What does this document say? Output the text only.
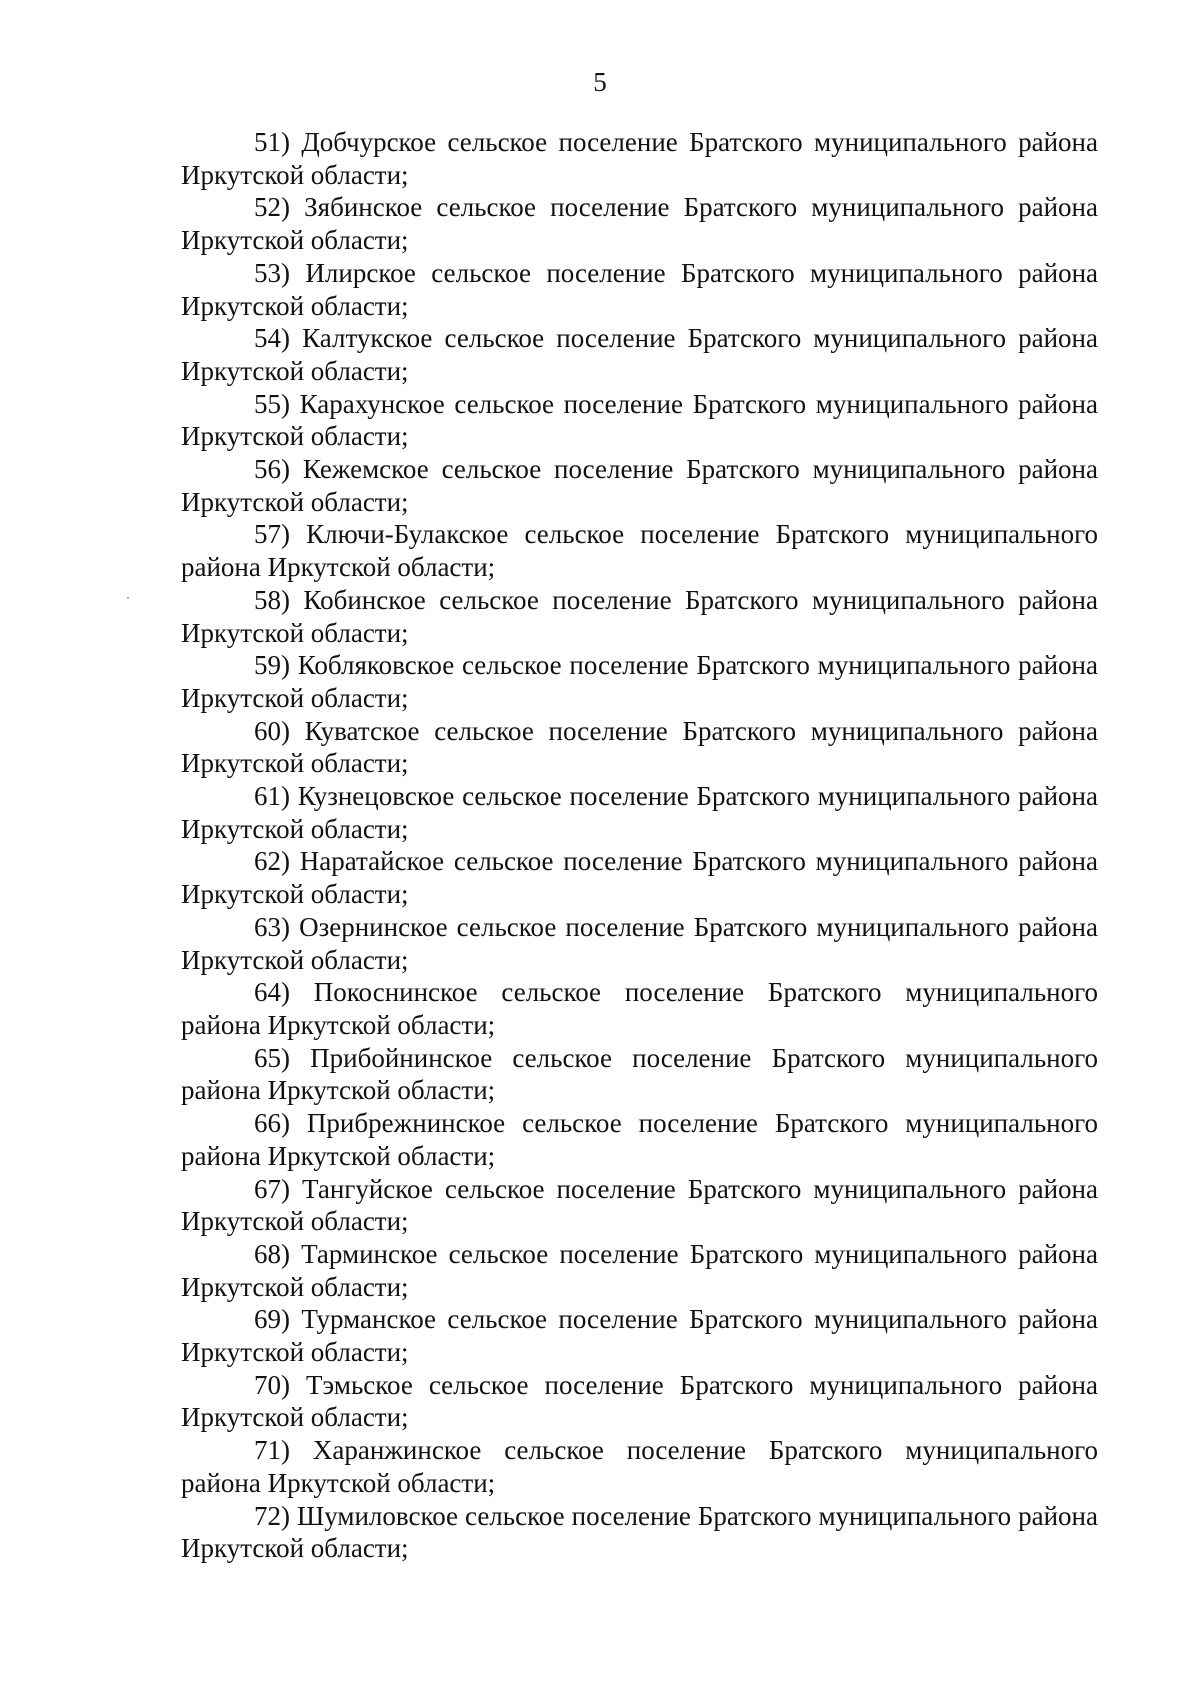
5

51) Добчурское сельское поселение Братского муниципального района Иркутской области;

52) Зябинское сельское поселение Братского муниципального района Иркутской области;

53) Илирское сельское поселение Братского муниципального района Иркутской области;

54) Калтукское сельское поселение Братского муниципального района Иркутской области;

55) Карахунское сельское поселение Братского муниципального района Иркутской области;

56) Кежемское сельское поселение Братского муниципального района Иркутской области;

57) Ключи-Булакское сельское поселение Братского муниципального района Иркутской области;

58) Кобинское сельское поселение Братского муниципального района Иркутской области;

59) Кобляковское сельское поселение Братского муниципального района Иркутской области;

60) Куватское сельское поселение Братского муниципального района Иркутской области;

61) Кузнецовское сельское поселение Братского муниципального района Иркутской области;

62) Наратайское сельское поселение Братского муниципального района Иркутской области;

63) Озернинское сельское поселение Братского муниципального района Иркутской области;

64) Покоснинское сельское поселение Братского муниципального района Иркутской области;

65) Прибойнинское сельское поселение Братского муниципального района Иркутской области;

66) Прибрежнинское сельское поселение Братского муниципального района Иркутской области;

67) Тангуйское сельское поселение Братского муниципального района Иркутской области;

68) Тарминское сельское поселение Братского муниципального района Иркутской области;

69) Турманское сельское поселение Братского муниципального района Иркутской области;

70) Тэмьское сельское поселение Братского муниципального района Иркутской области;

71) Харанжинское сельское поселение Братского муниципального района Иркутской области;

72) Шумиловское сельское поселение Братского муниципального района Иркутской области;
